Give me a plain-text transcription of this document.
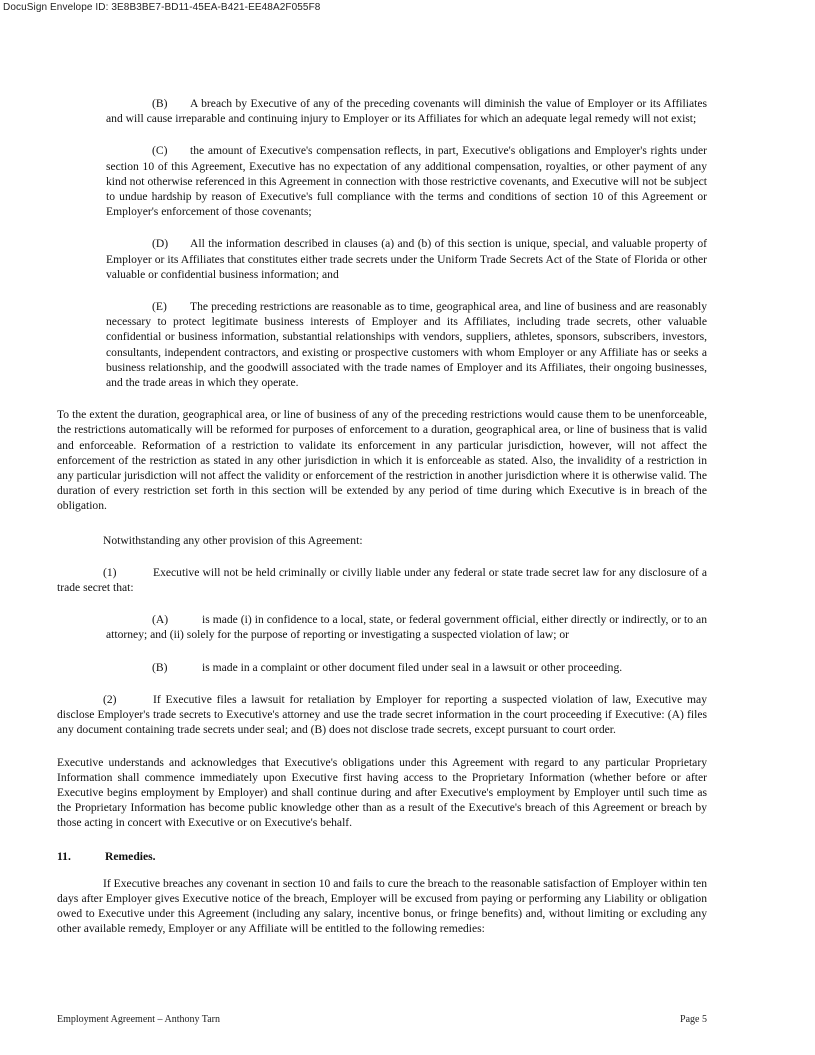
DocuSign Envelope ID: 3E8B3BE7-BD11-45EA-B421-EE48A2F055F8

(B) A breach by Executive of any of the preceding covenants will diminish the value of Employer or its Affiliates and will cause irreparable and continuing injury to Employer or its Affiliates for which an adequate legal remedy will not exist;

(C) the amount of Executive's compensation reflects, in part, Executive's obligations and Employer's rights under section 10 of this Agreement, Executive has no expectation of any additional compensation, royalties, or other payment of any kind not otherwise referenced in this Agreement in connection with those restrictive covenants, and Executive will not be subject to undue hardship by reason of Executive's full compliance with the terms and conditions of section 10 of this Agreement or Employer's enforcement of those covenants;

(D) All the information described in clauses (a) and (b) of this section is unique, special, and valuable property of Employer or its Affiliates that constitutes either trade secrets under the Uniform Trade Secrets Act of the State of Florida or other valuable or confidential business information; and

(E) The preceding restrictions are reasonable as to time, geographical area, and line of business and are reasonably necessary to protect legitimate business interests of Employer and its Affiliates, including trade secrets, other valuable confidential or business information, substantial relationships with vendors, suppliers, athletes, sponsors, subscribers, investors, consultants, independent contractors, and existing or prospective customers with whom Employer or any Affiliate has or seeks a business relationship, and the goodwill associated with the trade names of Employer and its Affiliates, their ongoing businesses, and the trade areas in which they operate.

To the extent the duration, geographical area, or line of business of any of the preceding restrictions would cause them to be unenforceable, the restrictions automatically will be reformed for purposes of enforcement to a duration, geographical area, or line of business that is valid and enforceable. Reformation of a restriction to validate its enforcement in any particular jurisdiction, however, will not affect the enforcement of the restriction as stated in any other jurisdiction in which it is enforceable as stated. Also, the invalidity of a restriction in any particular jurisdiction will not affect the validity or enforcement of the restriction in another jurisdiction where it is otherwise valid. The duration of every restriction set forth in this section will be extended by any period of time during which Executive is in breach of the obligation.

Notwithstanding any other provision of this Agreement:

(1)	Executive will not be held criminally or civilly liable under any federal or state trade secret law for any disclosure of a trade secret that:

(A)	is made (i) in confidence to a local, state, or federal government official, either directly or indirectly, or to an attorney; and (ii) solely for the purpose of reporting or investigating a suspected violation of law; or

(B)	is made in a complaint or other document filed under seal in a lawsuit or other proceeding.

(2)	If Executive files a lawsuit for retaliation by Employer for reporting a suspected violation of law, Executive may disclose Employer's trade secrets to Executive's attorney and use the trade secret information in the court proceeding if Executive: (A) files any document containing trade secrets under seal; and (B) does not disclose trade secrets, except pursuant to court order.

Executive understands and acknowledges that Executive's obligations under this Agreement with regard to any particular Proprietary Information shall commence immediately upon Executive first having access to the Proprietary Information (whether before or after Executive begins employment by Employer) and shall continue during and after Executive's employment by Employer until such time as the Proprietary Information has become public knowledge other than as a result of the Executive's breach of this Agreement or breach by those acting in concert with Executive or on Executive's behalf.

11.	Remedies.

If Executive breaches any covenant in section 10 and fails to cure the breach to the reasonable satisfaction of Employer within ten days after Employer gives Executive notice of the breach, Employer will be excused from paying or performing any Liability or obligation owed to Executive under this Agreement (including any salary, incentive bonus, or fringe benefits) and, without limiting or excluding any other available remedy, Employer or any Affiliate will be entitled to the following remedies:

Employment Agreement – Anthony Tarn	Page 5
